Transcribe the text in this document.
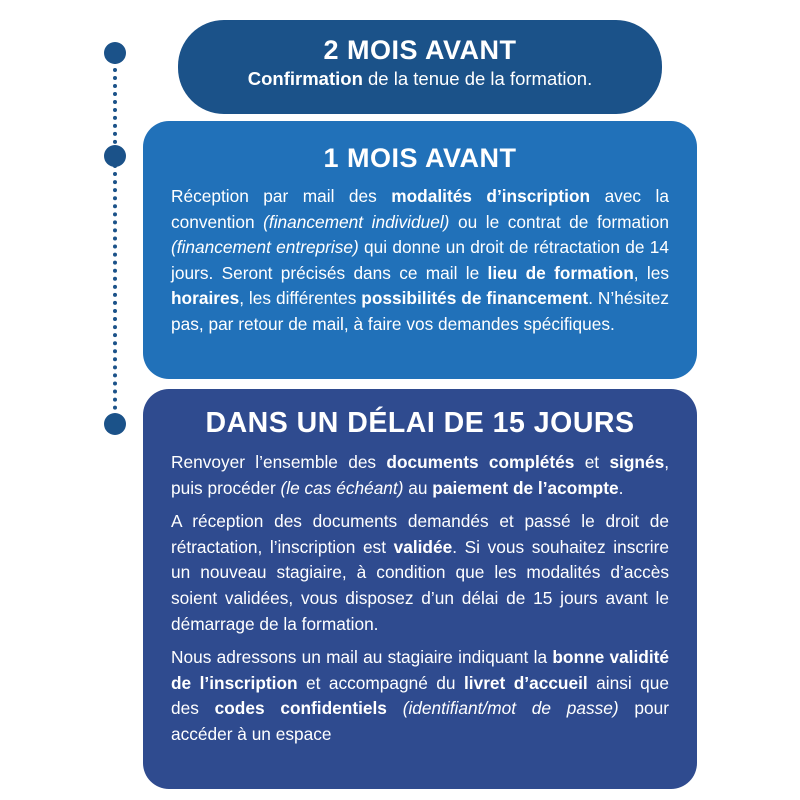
2 MOIS AVANT
Confirmation de la tenue de la formation.
1 MOIS AVANT

Réception par mail des modalités d’inscription avec la convention (financement individuel) ou le contrat de formation (financement entreprise) qui donne un droit de rétractation de 14 jours. Seront précisés dans ce mail le lieu de formation, les horaires, les différentes possibilités de financement. N’hésitez pas, par retour de mail, à faire vos demandes spécifiques.

DANS UN DÉLAI DE 15 JOURS

Renvoyer l’ensemble des documents complétés et signés, puis procéder (le cas échéant) au paiement de l’acompte.

A réception des documents demandés et passé le droit de rétractation, l’inscription est validée. Si vous souhaitez inscrire un nouveau stagiaire, à condition que les modalités d’accès soient validées, vous disposez d’un délai de 15 jours avant le démarrage de la formation.

Nous adressons un mail au stagiaire indiquant la bonne validité de l’inscription et accompagné du livret d’accueil ainsi que des codes confidentiels (identifiant/mot de passe) pour accéder à un espace
